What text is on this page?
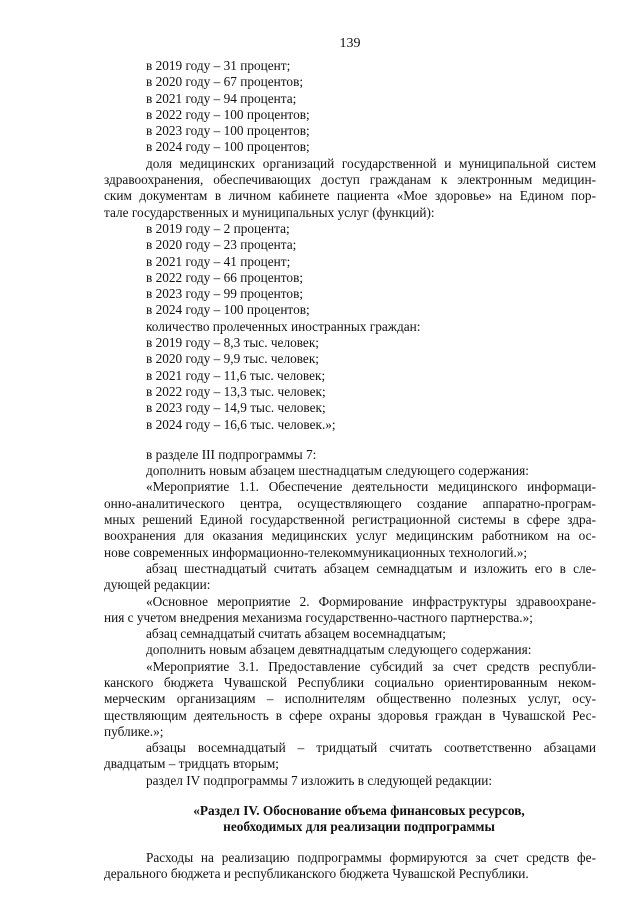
139
в 2019 году – 31 процент;
в 2020 году – 67 процентов;
в 2021 году – 94 процента;
в 2022 году – 100 процентов;
в 2023 году – 100 процентов;
в 2024 году – 100 процентов;
доля медицинских организаций государственной и муниципальной систем
здравоохранения, обеспечивающих доступ гражданам к электронным медицин-
ским документам в личном кабинете пациента «Мое здоровье» на Едином пор-
тале государственных и муниципальных услуг (функций):
в 2019 году – 2 процента;
в 2020 году – 23 процента;
в 2021 году – 41 процент;
в 2022 году – 66 процентов;
в 2023 году – 99 процентов;
в 2024 году – 100 процентов;
количество пролеченных иностранных граждан:
в 2019 году – 8,3 тыс. человек;
в 2020 году – 9,9 тыс. человек;
в 2021 году – 11,6 тыс. человек;
в 2022 году – 13,3 тыс. человек;
в 2023 году – 14,9 тыс. человек;
в 2024 году – 16,6 тыс. человек.»;
в разделе III подпрограммы 7:
дополнить новым абзацем шестнадцатым следующего содержания:
«Мероприятие 1.1. Обеспечение деятельности медицинского информаци-
онно-аналитического центра, осуществляющего создание аппаратно-програм-
мных решений Единой государственной регистрационной системы в сфере здра-
воохранения для оказания медицинских услуг медицинским работником на ос-
нове современных информационно-телекоммуникационных технологий.»;
абзац шестнадцатый считать абзацем семнадцатым и изложить его в сле-
дующей редакции:
«Основное мероприятие 2. Формирование инфраструктуры здравоохране-
ния с учетом внедрения механизма государственно-частного партнерства.»;
абзац семнадцатый считать абзацем восемнадцатым;
дополнить новым абзацем девятнадцатым следующего содержания:
«Мероприятие 3.1. Предоставление субсидий за счет средств республи-
канского бюджета Чувашской Республики социально ориентированным неком-
мерческим организациям – исполнителям общественно полезных услуг, осу-
ществляющим деятельность в сфере охраны здоровья граждан в Чувашской Рес-
публике.»;
абзацы восемнадцатый – тридцатый считать соответственно абзацами
двадцатым – тридцать вторым;
раздел IV подпрограммы 7 изложить в следующей редакции:
«Раздел IV. Обоснование объема финансовых ресурсов,
необходимых для реализации подпрограммы
Расходы на реализацию подпрограммы формируются за счет средств фе-
дерального бюджета и республиканского бюджета Чувашской Республики.
